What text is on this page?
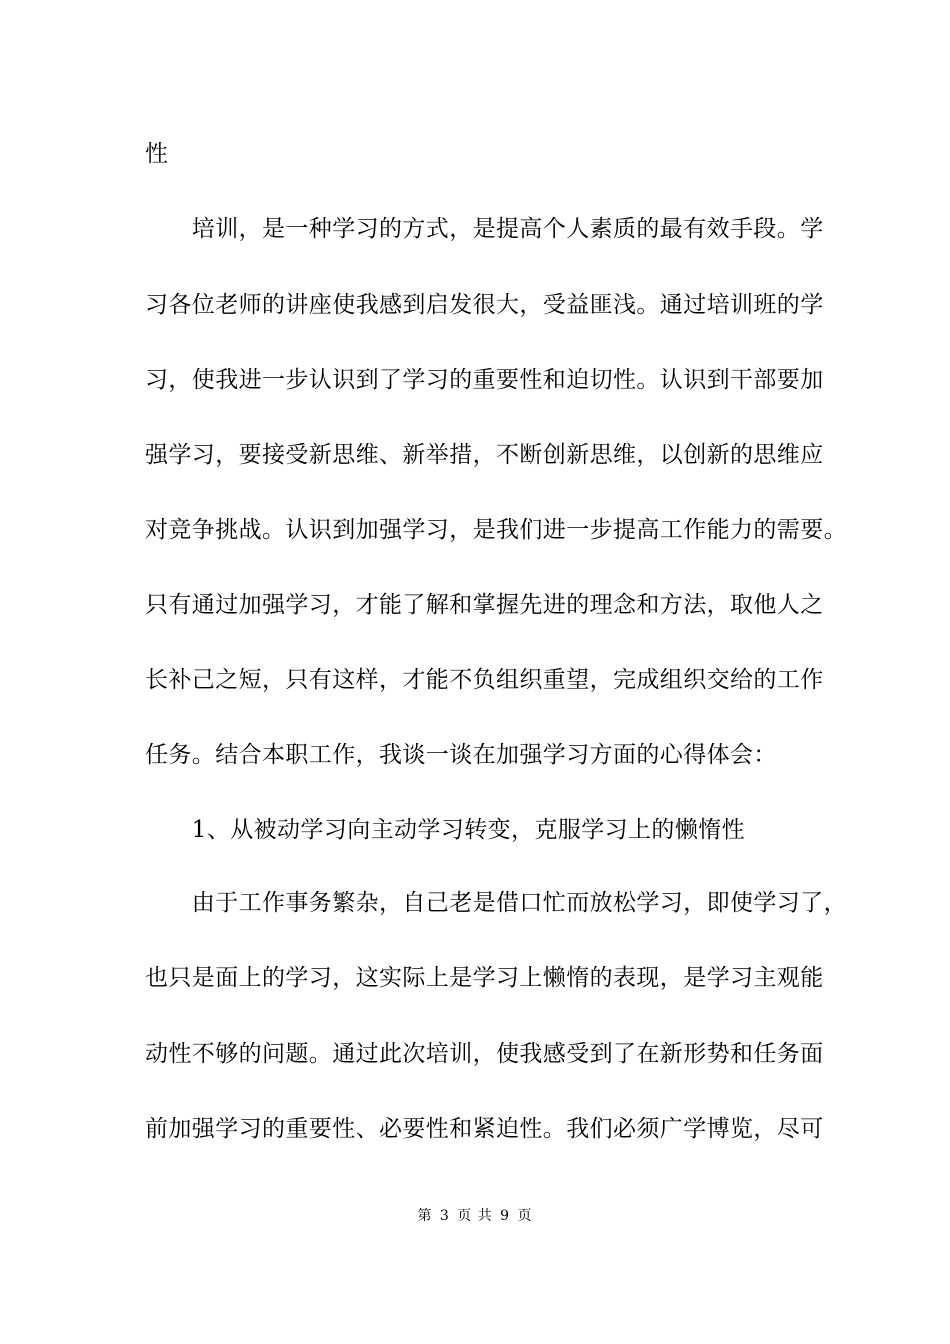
性
　　培训，是一种学习的方式，是提高个人素质的最有效手段。学
习各位老师的讲座使我感到启发很大，受益匪浅。通过培训班的学
习，使我进一步认识到了学习的重要性和迫切性。认识到干部要加
强学习，要接受新思维、新举措，不断创新思维，以创新的思维应
对竞争挑战。认识到加强学习，是我们进一步提高工作能力的需要。
只有通过加强学习，才能了解和掌握先进的理念和方法，取他人之
长补己之短，只有这样，才能不负组织重望，完成组织交给的工作
任务。结合本职工作，我谈一谈在加强学习方面的心得体会：
　　1、从被动学习向主动学习转变，克服学习上的懒惰性
　　由于工作事务繁杂，自己老是借口忙而放松学习，即使学习了，
也只是面上的学习，这实际上是学习上懒惰的表现，是学习主观能
动性不够的问题。通过此次培训，使我感受到了在新形势和任务面
前加强学习的重要性、必要性和紧迫性。我们必须广学博览，尽可
第 3 页 共 9 页
